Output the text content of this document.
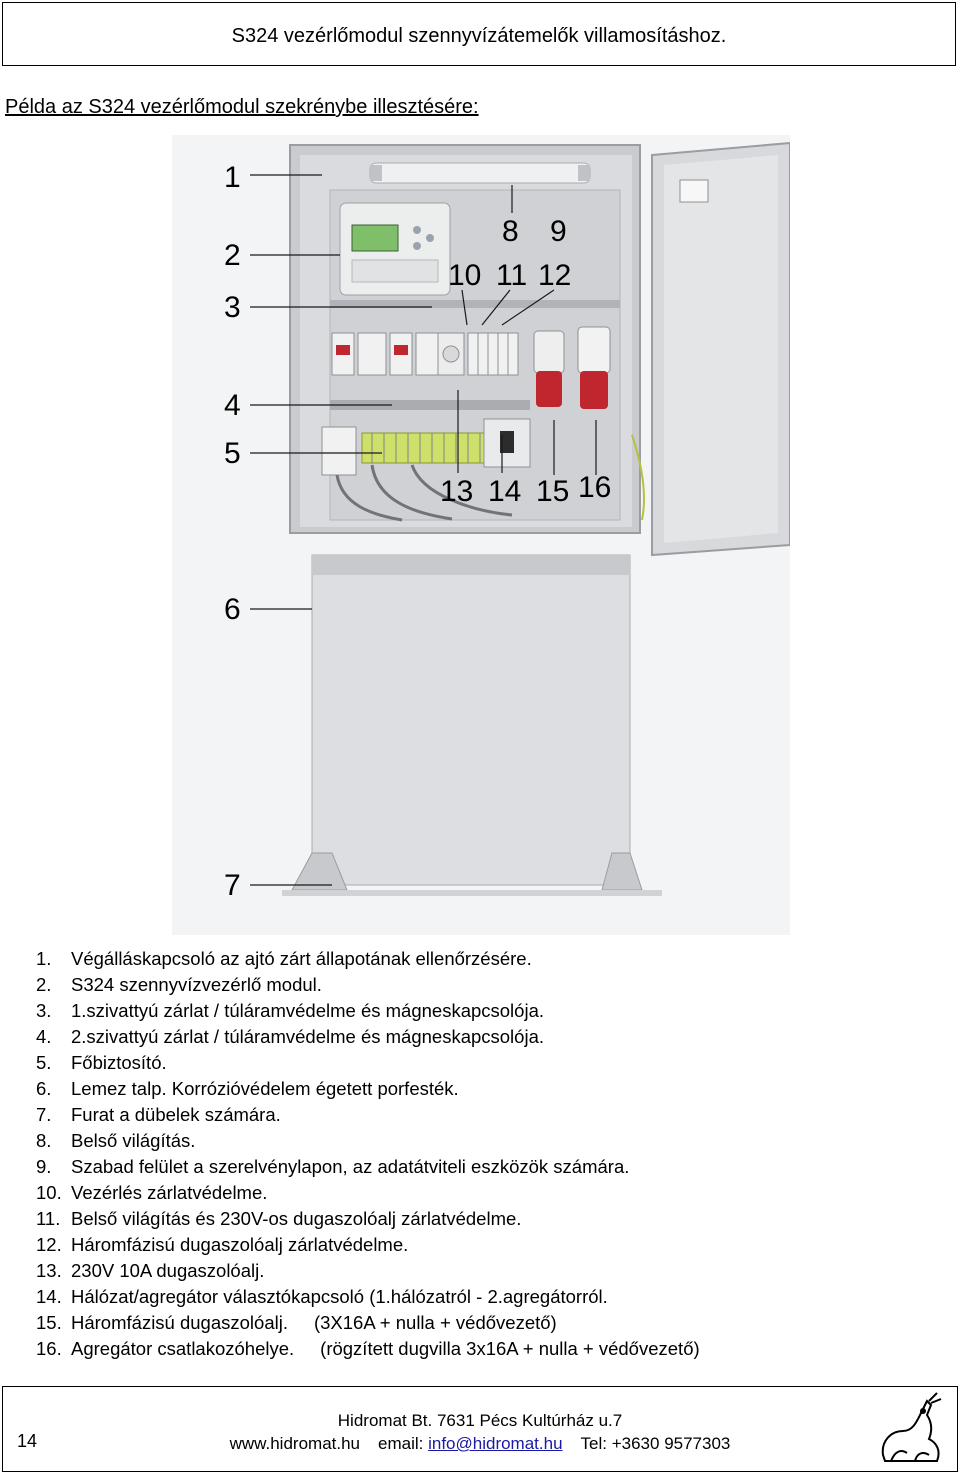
S324 vezérlőmodul szennyvízátemelők villamosításhoz.
Példa az S324 vezérlőmodul szekrénybe illesztésére:
1
2
3
4
5
6
7
8 9
10 11 12
13 14 15 16
1.	Végálláskapcsoló az ajtó zárt állapotának ellenőrzésére.
2.	S324 szennyvízvezérlő modul.
3.	1.szivattyú zárlat / túláramvédelme és mágneskapcsolója.
4.	2.szivattyú zárlat / túláramvédelme és mágneskapcsolója.
5.	Főbiztosító.
6.	Lemez talp. Korrózióvédelem égetett porfesték.
7.	Furat a dübelek számára.
8.	Belső világítás.
9.	Szabad felület a szerelvénylapon, az adatátviteli eszközök számára.
10. Vezérlés zárlatvédelme.
11. Belső világítás és 230V-os dugaszolóalj zárlatvédelme.
12. Háromfázisú dugaszolóalj zárlatvédelme.
13. 230V 10A dugaszolóalj.
14. Hálózat/agregátor választókapcsoló (1.hálózatról - 2.agregátorról.
15. Háromfázisú dugaszolóalj. (3X16A + nulla + védővezető)
16. Agregátor csatlakozóhelye. (rögzített dugvilla 3x16A + nulla + védővezető)
14
Hidromat Bt. 7631 Pécs Kultúrház u.7
www.hidromat.hu email: info@hidromat.hu Tel: +3630 9577303
